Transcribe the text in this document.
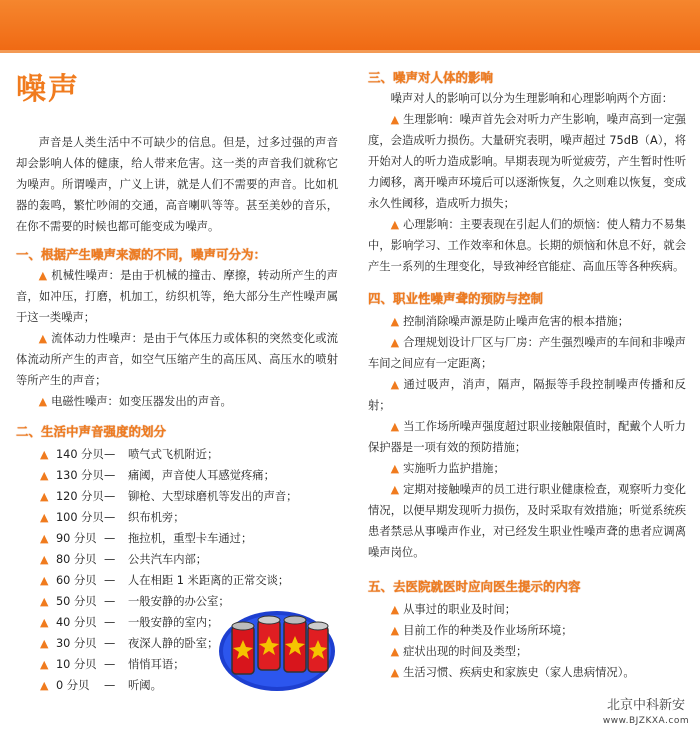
噪声

声音是人类生活中不可缺少的信息。但是，过多过强的声音却会影响人体的健康，给人带来危害。这一类的声音我们就称它为噪声。所谓噪声，广义上讲，就是人们不需要的声音。比如机器的轰鸣，繁忙吵闹的交通，高音喇叭等等。甚至美妙的音乐，在你不需要的时候也都可能变成为噪声。

一、根据产生噪声来源的不同，噪声可分为：

▲ 机械性噪声：是由于机械的撞击、摩擦，转动所产生的声音，如冲压，打磨，机加工，纺织机等，绝大部分生产性噪声属于这一类噪声；

▲ 流体动力性噪声：是由于气体压力或体积的突然变化或流体流动所产生的声音，如空气压缩产生的高压风、高压水的喷射等所产生的声音；

▲ 电磁性噪声：如变压器发出的声音。

二、生活中声音强度的划分
▲ 140 分贝 —	喷气式飞机附近；
▲ 130 分贝 —	痛阈，声音使人耳感觉疼痛；
▲ 120 分贝 —	铆枪、大型球磨机等发出的声音；
▲ 100 分贝 —	织布机旁；
▲ 90 分贝 —	拖拉机，重型卡车通过；
▲ 80 分贝 —	公共汽车内部；
▲ 60 分贝 —	人在相距 1 米距离的正常交谈；
▲ 50 分贝 —	一般安静的办公室；
▲ 40 分贝 —	一般安静的室内；
▲ 30 分贝 —	夜深人静的卧室；
▲ 10 分贝 —	悄悄耳语；
▲ 0 分贝	—	听阈。
三、噪声对人体的影响

噪声对人的影响可以分为生理影响和心理影响两个方面：

▲ 生理影响：噪声首先会对听力产生影响，噪声高到一定强度，会造成听力损伤。大量研究表明，噪声超过 75dB（A），将开始对人的听力造成影响。早期表现为听觉疲劳，产生暂时性听力阈移，离开噪声环境后可以逐渐恢复，久之则难以恢复，变成永久性阈移，造成听力损失；

▲ 心理影响：主要表现在引起人们的烦恼：使人精力不易集中，影响学习、工作效率和休息。长期的烦恼和休息不好，就会产生一系列的生理变化，导致神经官能症、高血压等各种疾病。

四、职业性噪声聋的预防与控制

▲ 控制消除噪声源是防止噪声危害的根本措施；

▲ 合理规划设计厂区与厂房：产生强烈噪声的车间和非噪声车间之间应有一定距离；

▲ 通过吸声，消声，隔声，隔振等手段控制噪声传播和反射；

▲ 当工作场所噪声强度超过职业接触限值时，配戴个人听力保护器是一项有效的预防措施；

▲ 实施听力监护措施；

▲ 定期对接触噪声的员工进行职业健康检查，观察听力变化情况，以便早期发现听力损伤，及时采取有效措施；听觉系统疾患者禁忌从事噪声作业，对已经发生职业性噪声聋的患者应调离噪声岗位。

五、去医院就医时应向医生提示的内容

▲ 从事过的职业及时间；

▲ 目前工作的种类及作业场所环境；

▲ 症状出现的时间及类型；

▲ 生活习惯、疾病史和家族史（家人患病情况）。

北京中科新安
www.BJZKXA.com
